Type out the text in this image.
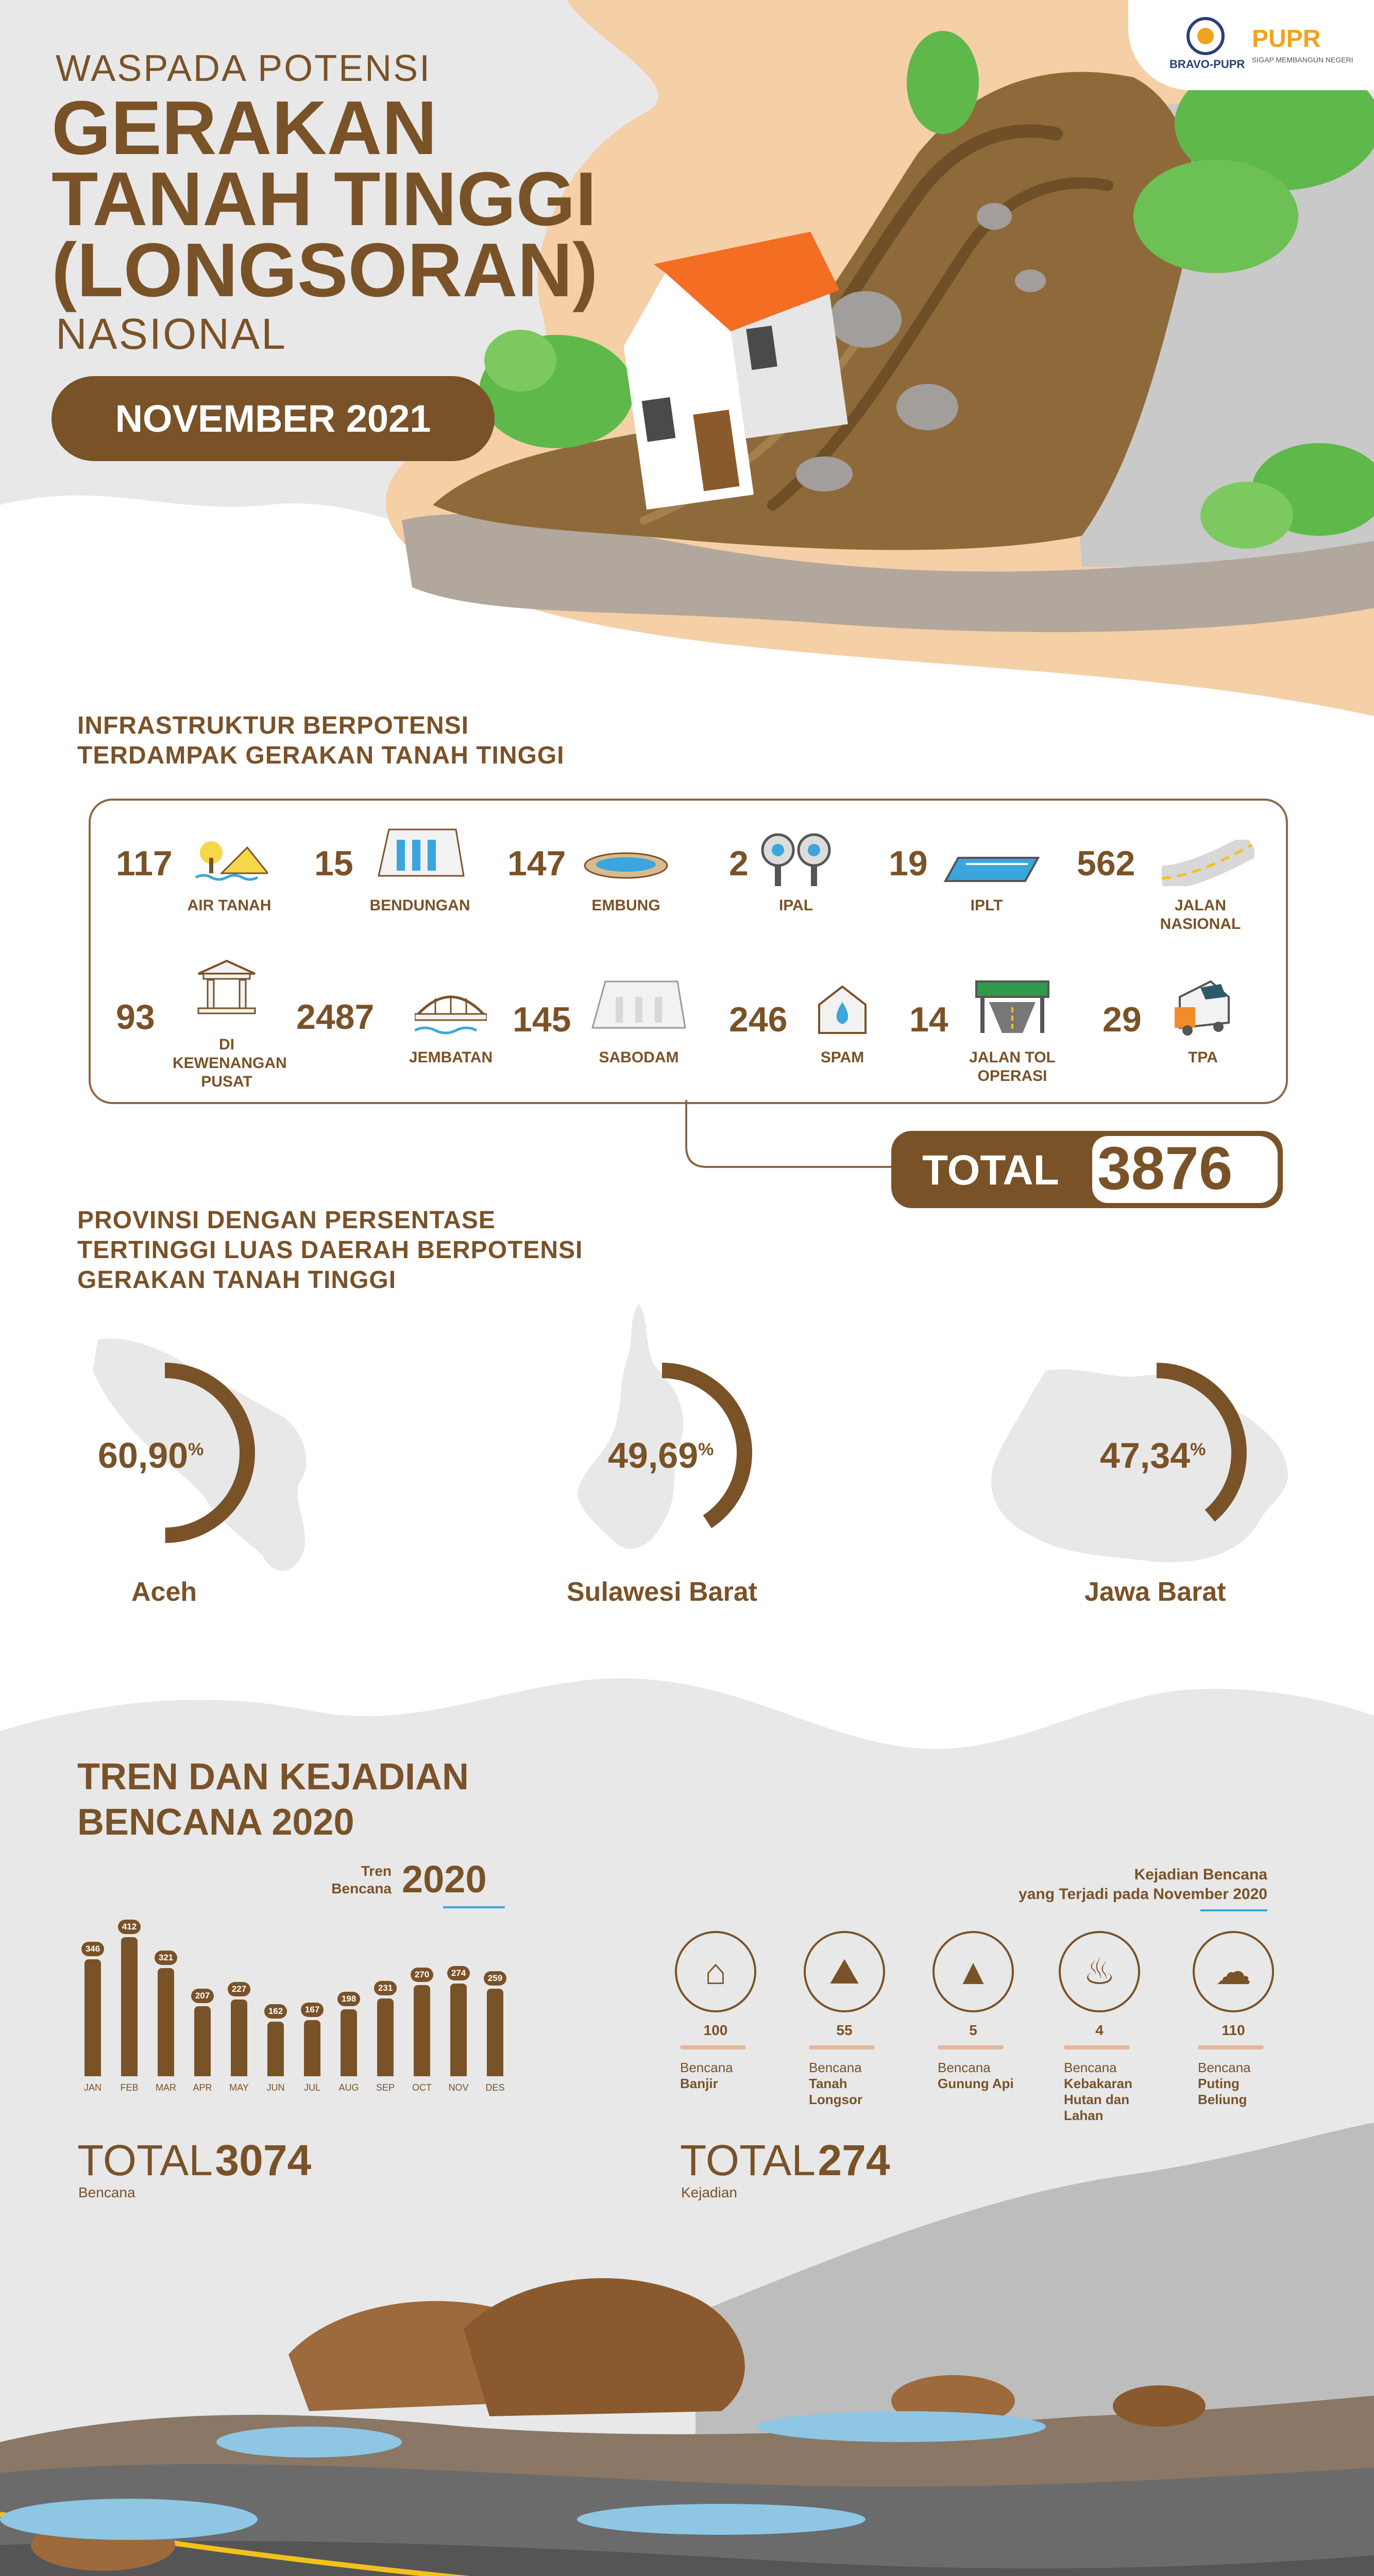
WASPADA POTENSI
GERAKAN
TANAH TINGGI
(LONGSORAN)
NASIONAL
NOVEMBER 2021
BRAVO-PUPR
PUPR
SIGAP MEMBANGUN NEGERI
INFRASTRUKTUR BERPOTENSI
TERDAMPAK GERAKAN TANAH TINGGI
117
AIR TANAH
15
BENDUNGAN
147
EMBUNG
2
IPAL
19
IPLT
562
JALAN
NASIONAL
93
DI
KEWENANGAN
PUSAT
2487
JEMBATAN
145
SABODAM
246
SPAM
14
JALAN TOL
OPERASI
29
TPA
TOTAL 3876
PROVINSI DENGAN PERSENTASE
TERTINGGI LUAS DAERAH BERPOTENSI
GERAKAN TANAH TINGGI
60,90%	49,69%	47,34%
Aceh	Sulawesi Barat	Jawa Barat
TREN DAN KEJADIAN
BENCANA 2020
Tren
Bencana 2020
346
JAN
412
FEB
321
MAR
207
APR
227
MAY
162
JUN
167
JUL
198
AUG
231
SEP
270
OCT
274
NOV
259
DES
TOTAL 3074
Bencana
Kejadian Bencana
yang Terjadi pada November 2020
⌂
100
Bencana
Banjir
⛰
55
Bencana
Tanah
Longsor
▲
5
Bencana
Gunung Api
♨
4
Bencana
Kebakaran
Hutan dan
Lahan
☁
110
Bencana
Puting
Beliung
TOTAL 274
Kejadian
